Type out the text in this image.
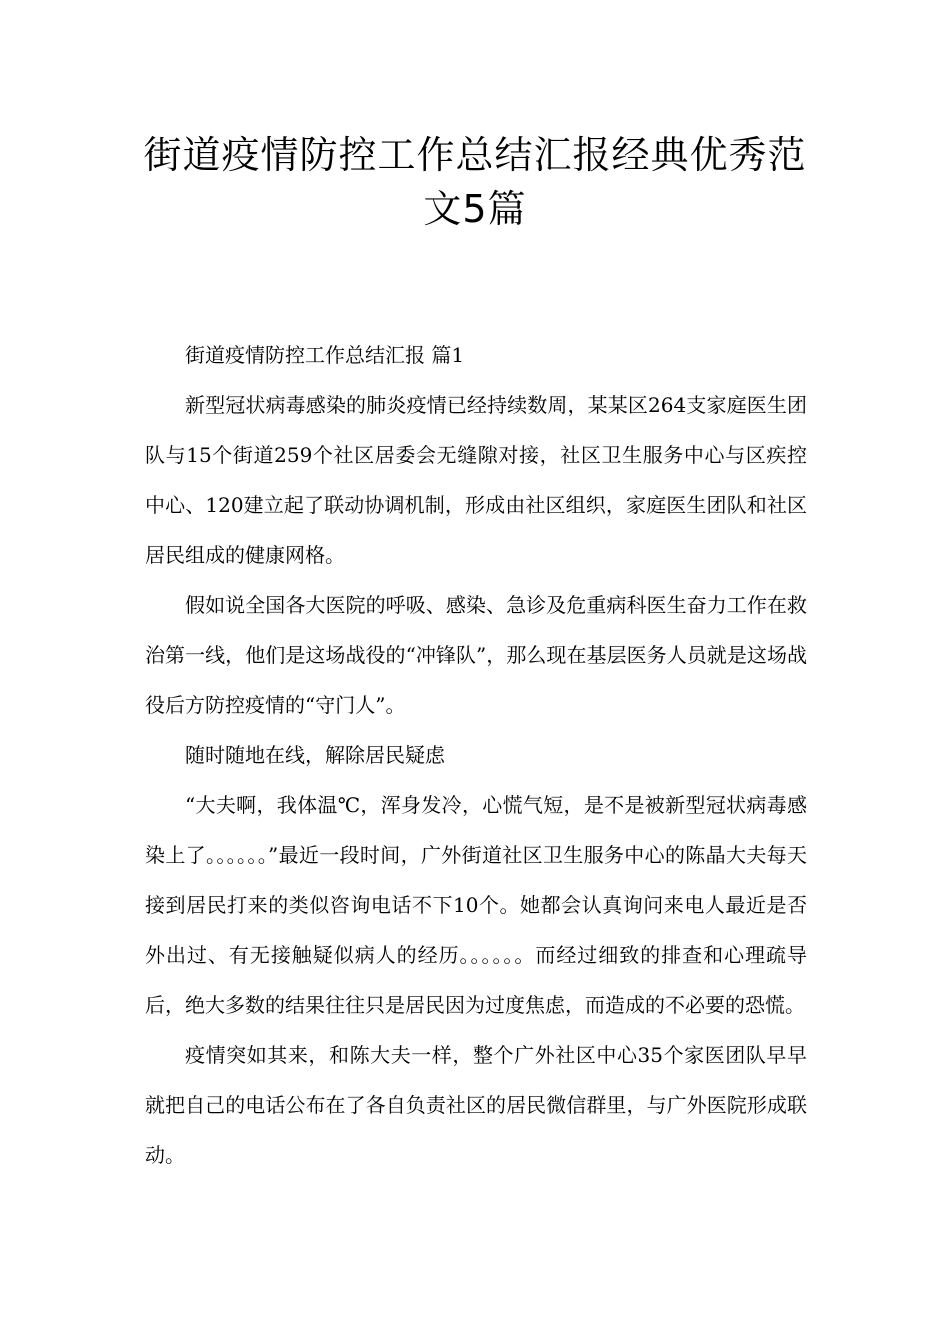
街道疫情防控工作总结汇报经典优秀范文5篇

街道疫情防控工作总结汇报 篇1

新型冠状病毒感染的肺炎疫情已经持续数周，某某区264支家庭医生团队与15个街道259个社区居委会无缝隙对接，社区卫生服务中心与区疾控中心、120建立起了联动协调机制，形成由社区组织，家庭医生团队和社区居民组成的健康网格。

假如说全国各大医院的呼吸、感染、急诊及危重病科医生奋力工作在救治第一线，他们是这场战役的“冲锋队”，那么现在基层医务人员就是这场战役后方防控疫情的“守门人”。

随时随地在线，解除居民疑虑

“大夫啊，我体温℃，浑身发冷，心慌气短，是不是被新型冠状病毒感染上了。。。。。。”最近一段时间，广外街道社区卫生服务中心的陈晶大夫每天接到居民打来的类似咨询电话不下10个。她都会认真询问来电人最近是否外出过、有无接触疑似病人的经历。。。。。。而经过细致的排查和心理疏导后，绝大多数的结果往往只是居民因为过度焦虑，而造成的不必要的恐慌。

疫情突如其来，和陈大夫一样，整个广外社区中心35个家医团队早早就把自己的电话公布在了各自负责社区的居民微信群里，与广外医院形成联动。
